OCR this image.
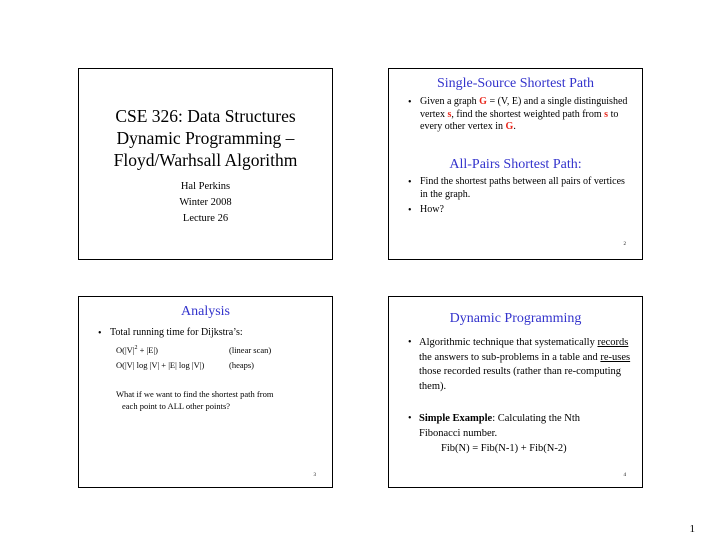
CSE 326: Data Structures
Dynamic Programming –
Floyd/Warhsall Algorithm
Hal Perkins
Winter 2008
Lecture 26
Single-Source Shortest Path
• Given a graph G = (V, E) and a single distinguished vertex s, find the shortest weighted path from s to every other vertex in G.
All-Pairs Shortest Path:
• Find the shortest paths between all pairs of vertices in the graph.
• How?
2
Analysis
• Total running time for Dijkstra’s:
$O(|V|^2 + |E|)$	(linear scan)
O(|V| log |V| + |E| log |V|)	(heaps)
What if we want to find the shortest path from
each point to ALL other points?
3
Dynamic Programming
• Algorithmic technique that systematically records the answers to sub-problems in a table and re-uses those recorded results (rather than re-computing them).
• Simple Example: Calculating the Nth Fibonacci number.
Fib(N) = Fib(N-1) + Fib(N-2)
4
1
